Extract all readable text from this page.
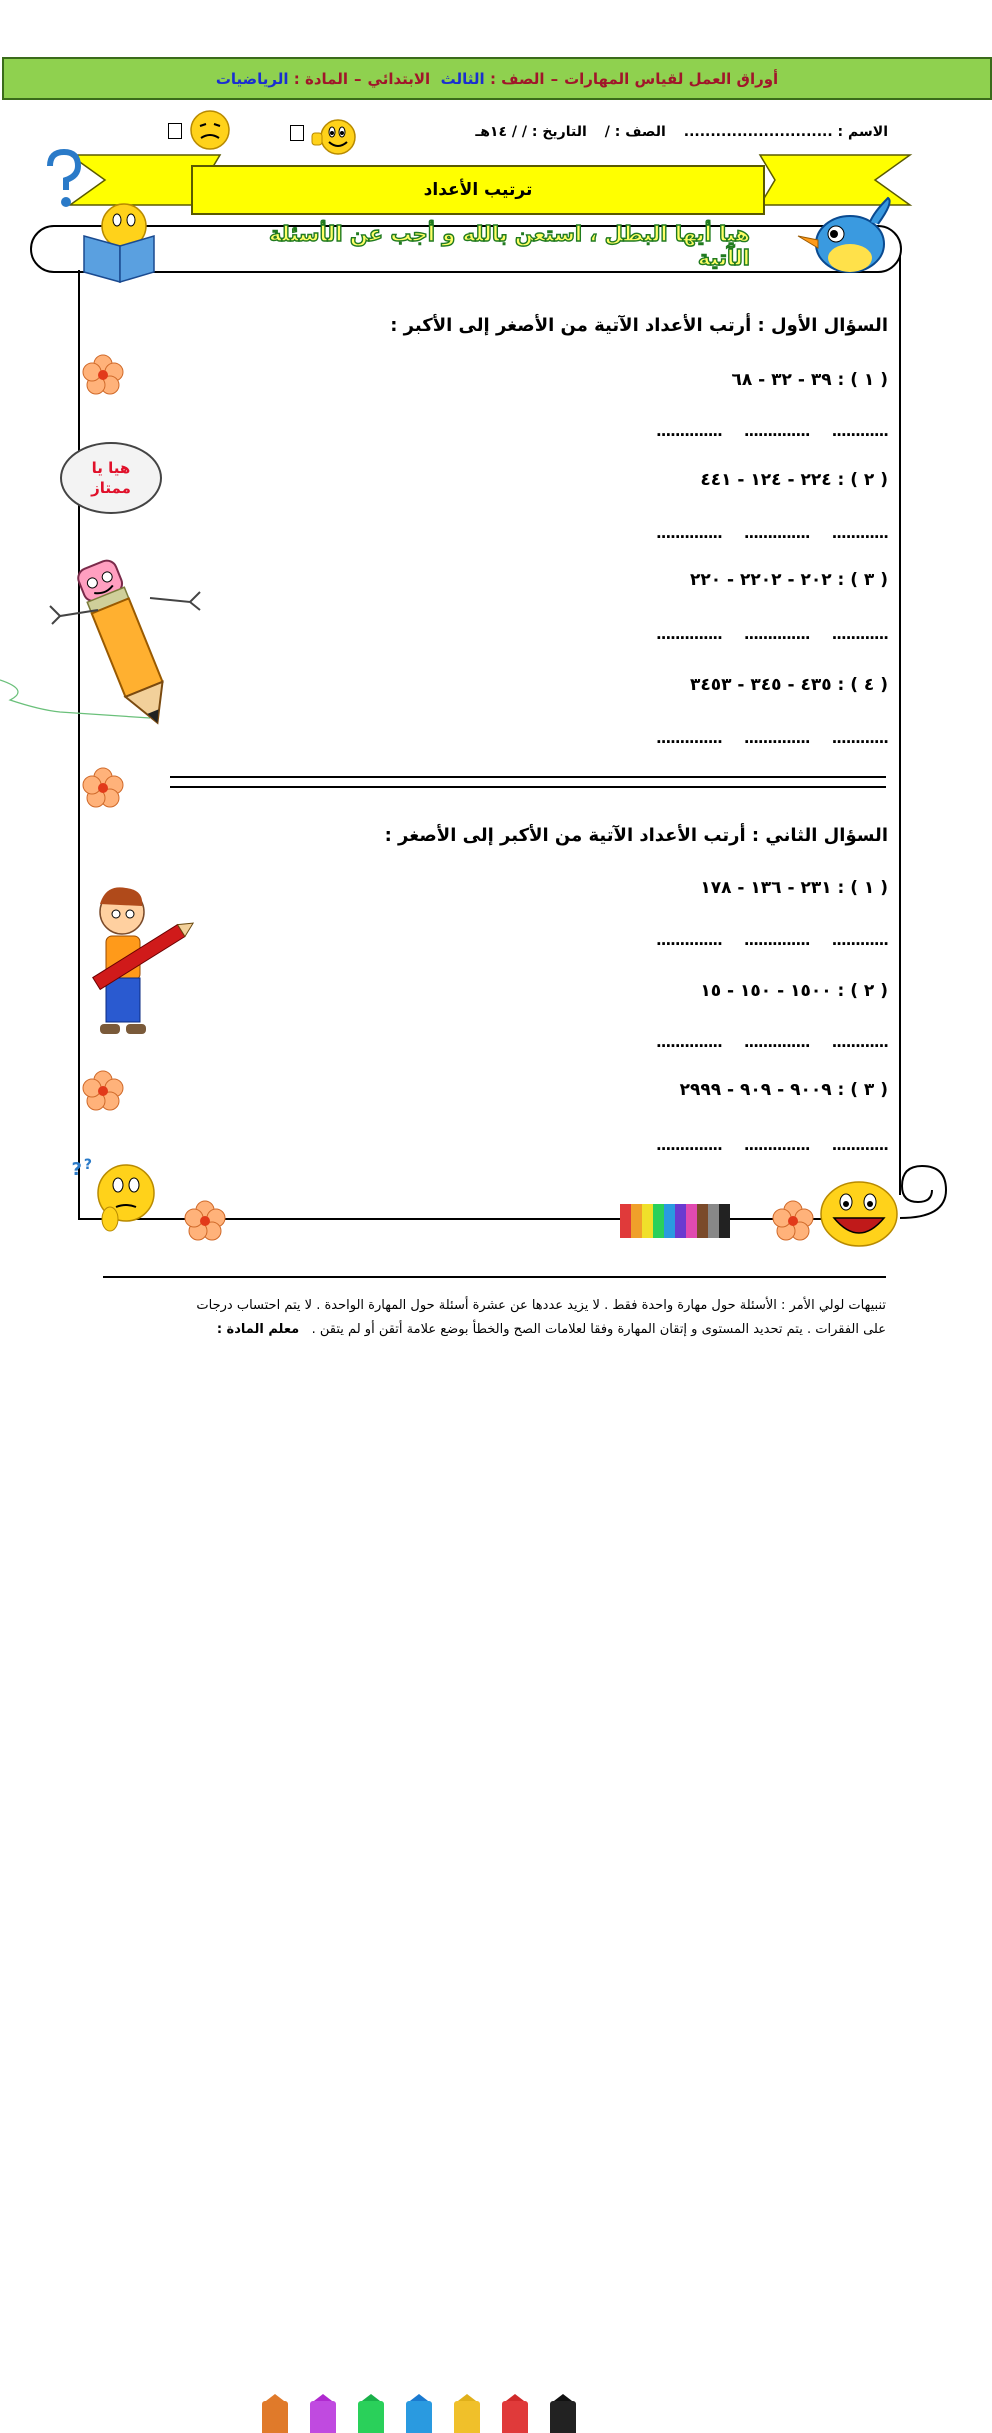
أوراق العمل لقياس المهارات
–
الصف :

الثالث

الابتدائي
–
المادة :

الرياضيات
الاسم : ............................
الصف : /
التاريخ : / / ١٤هـ
ترتيب الأعداد
هيا أيها البطل ، استعن بالله و أجب عن الأسئلة الآتية
السؤال الأول : أرتب الأعداد الآتية من الأصغر إلى الأكبر :
( ١ ) : ٣٩ - ٣٢ - ٦٨
............
..............
..............
( ٢ ) : ٢٢٤ - ١٢٤ - ٤٤١
............
..............
..............
( ٣ ) : ٢٠٢ - ٢٢٠٢ - ٢٢٠
............
..............
..............
( ٤ ) : ٤٣٥ - ٣٤٥ - ٣٤٥٣
............
..............
..............
السؤال الثاني : أرتب الأعداد الآتية من الأكبر إلى الأصغر :
( ١ ) : ٢٣١ - ١٣٦ - ١٧٨
............
..............
..............
( ٢ ) : ١٥٠٠ - ١٥٠ - ١٥
............
..............
..............
( ٣ ) : ٩٠٠٩ - ٩٠٩ - ٢٩٩٩
............
..............
..............
هيا يا
ممتاز
? ?
تنبيهات لولي الأمر : الأسئلة حول مهارة واحدة فقط . لا يزيد عددها عن عشرة أسئلة حول المهارة الواحدة . لا يتم احتساب درجات
على الفقرات . يتم تحديد المستوى و إتقان المهارة وفقا لعلامات الصح والخطأ بوضع علامة أتقن أو لم يتقن .   معلم المادة :
